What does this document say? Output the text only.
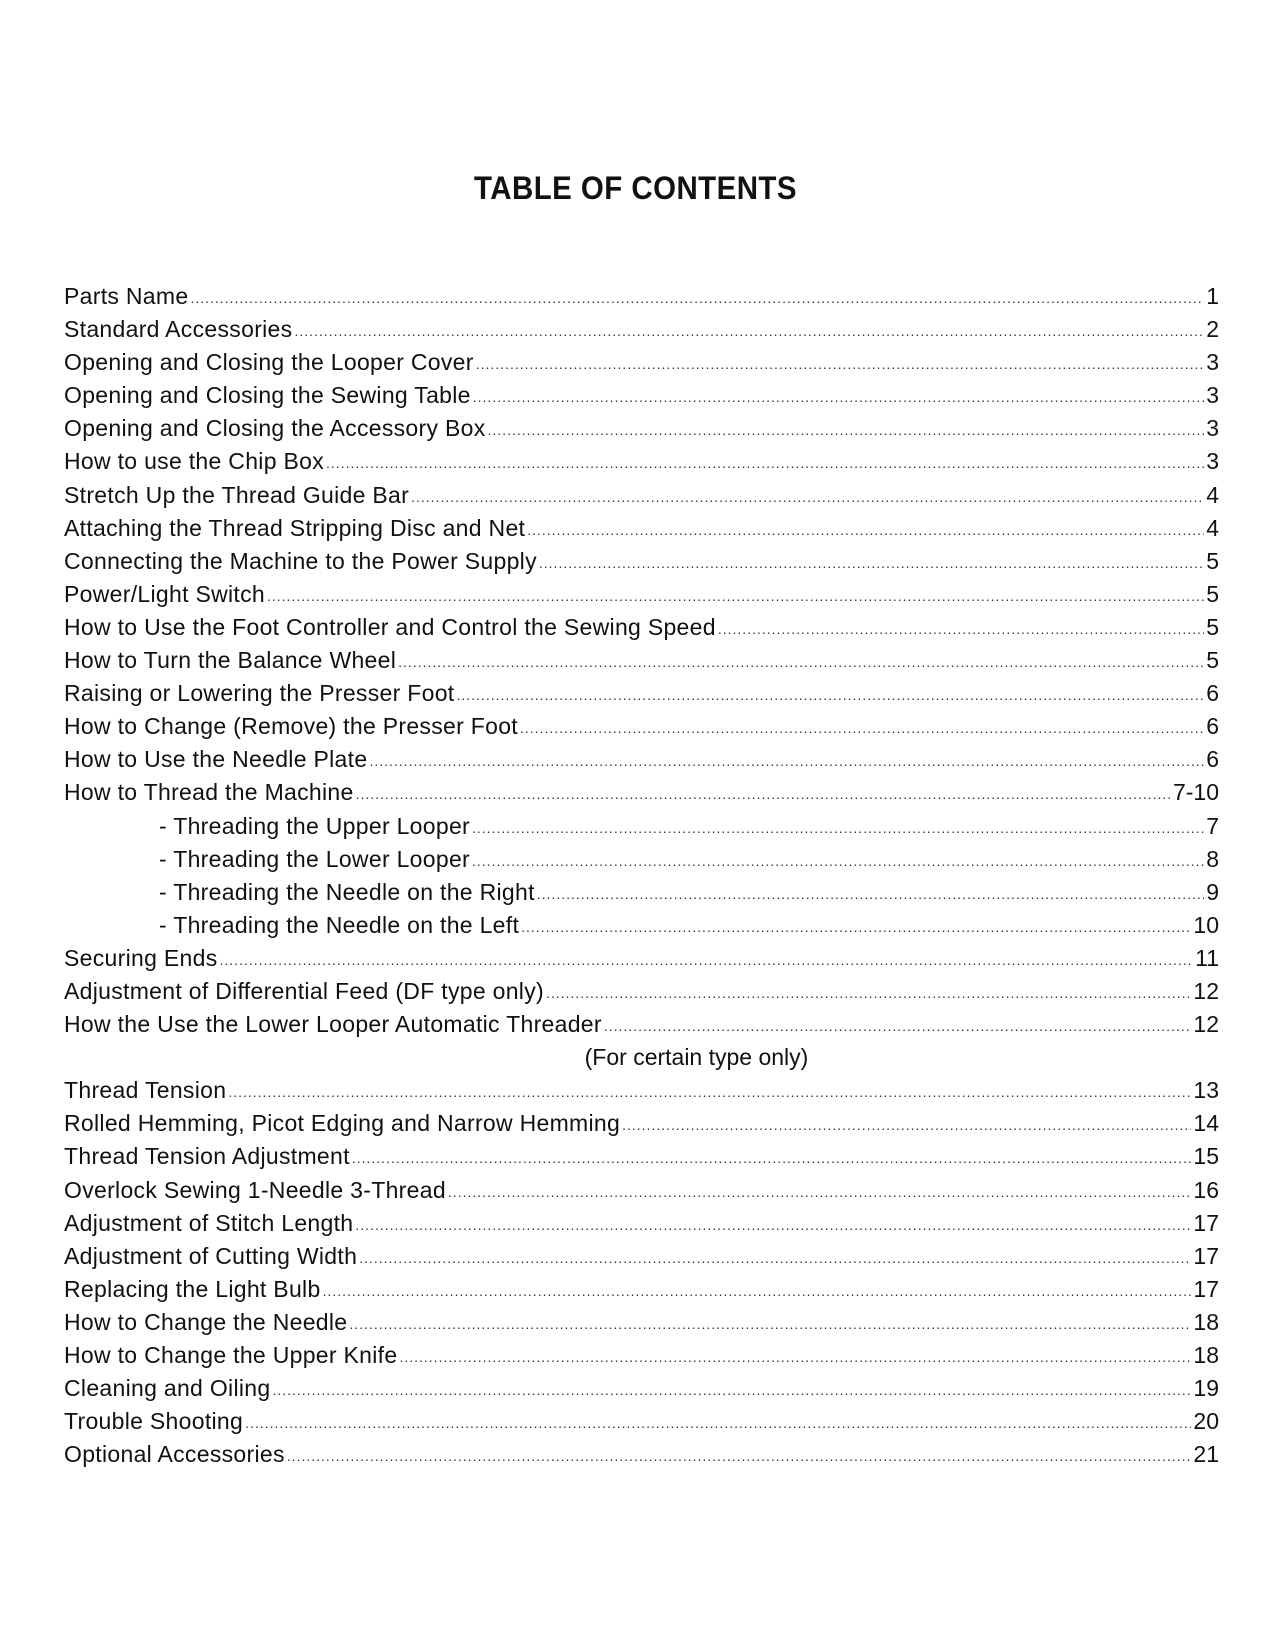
TABLE OF CONTENTS
Parts Name .....	1
Standard Accessories .....	2
Opening and Closing the Looper Cover .....	3
Opening and Closing the Sewing Table .....	3
Opening and Closing the Accessory Box .....	3
How to use the Chip Box .....	3
Stretch Up the Thread Guide Bar .....	4
Attaching the Thread Stripping Disc and Net .....	4
Connecting the Machine to the Power Supply .....	5
Power/Light Switch .....	5
How to Use the Foot Controller and Control the Sewing Speed .....	5
How to Turn the Balance Wheel .....	5
Raising or Lowering the Presser Foot .....	6
How to Change (Remove) the Presser Foot .....	6
How to Use the Needle Plate .....	6
How to Thread the Machine .....	7-10
- Threading the Upper Looper .....	7
- Threading the Lower Looper .....	8
- Threading the Needle on the Right .....	9
- Threading the Needle on the Left .....	10
Securing Ends .....	11
Adjustment of Differential Feed (DF type only) .....	12
How the Use the Lower Looper Automatic Threader .....	12
(For certain type only)
Thread Tension .....	13
Rolled Hemming, Picot Edging and Narrow Hemming .....	14
Thread Tension Adjustment .....	15
Overlock Sewing 1-Needle 3-Thread .....	16
Adjustment of Stitch Length .....	17
Adjustment of Cutting Width .....	17
Replacing the Light Bulb .....	17
How to Change the Needle .....	18
How to Change the Upper Knife .....	18
Cleaning and Oiling .....	19
Trouble Shooting .....	20
Optional Accessories .....	21
